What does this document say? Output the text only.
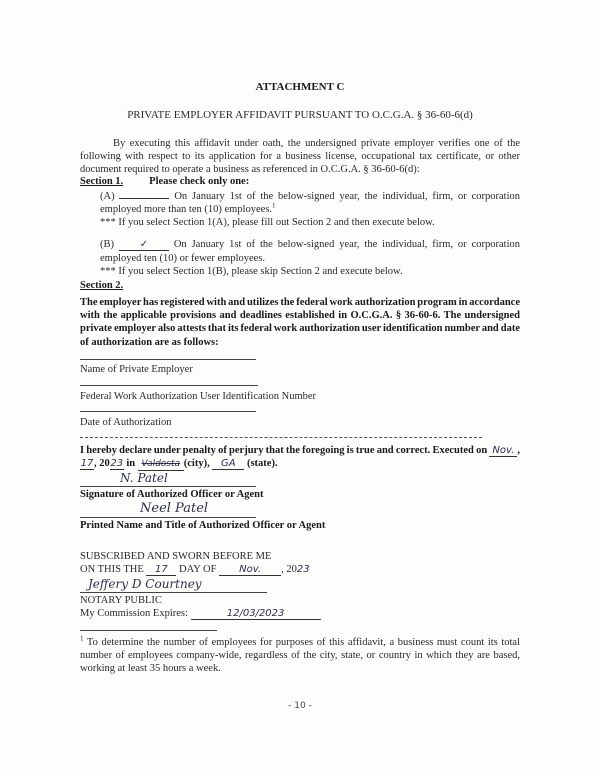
ATTACHMENT C
PRIVATE EMPLOYER AFFIDAVIT PURSUANT TO O.C.G.A. § 36-60-6(d)
By executing this affidavit under oath, the undersigned private employer verifies one of the
following with respect to its application for a business license, occupational tax certificate, or other
document required to operate a business as referenced in O.C.G.A. § 36-60-6(d):
Section 1. Please check only one:
(A)	On January 1st of the below-signed year, the individual, firm, or corporation
employed more than ten (10) employees.$^1$
*** If you select Section 1(A), please fill out Section 2 and then execute below.
(B)	✓ On January 1st of the below-signed year, the individual, firm, or corporation
employed ten (10) or fewer employees.
*** If you select Section 1(B), please skip Section 2 and execute below.
Section 2.
The employer has registered with and utilizes the federal work authorization program in accordance
with the applicable provisions and deadlines established in O.C.G.A. § 36-60-6. The undersigned
private employer also attests that its federal work authorization user identification number and date
of authorization are as follows:
Name of Private Employer
Federal Work Authorization User Identification Number
Date of Authorization
I hereby declare under penalty of perjury that the foregoing is true and correct. Executed on Nov. ,
17, 2023 in Valdosta (city), GA (state).
N. Patel
Signature of Authorized Officer or Agent
Neel Patel
Printed Name and Title of Authorized Officer or Agent
SUBSCRIBED AND SWORN BEFORE ME
ON THIS THE 17 DAY OF Nov. , 2023
Jeffery D Courtney
NOTARY PUBLIC
My Commission Expires:	12/03/2023
$^1$ To determine the number of employees for purposes of this affidavit, a business must count its total
number of employees company-wide, regardless of the city, state, or country in which they are based,
working at least 35 hours a week.
- 10 -
